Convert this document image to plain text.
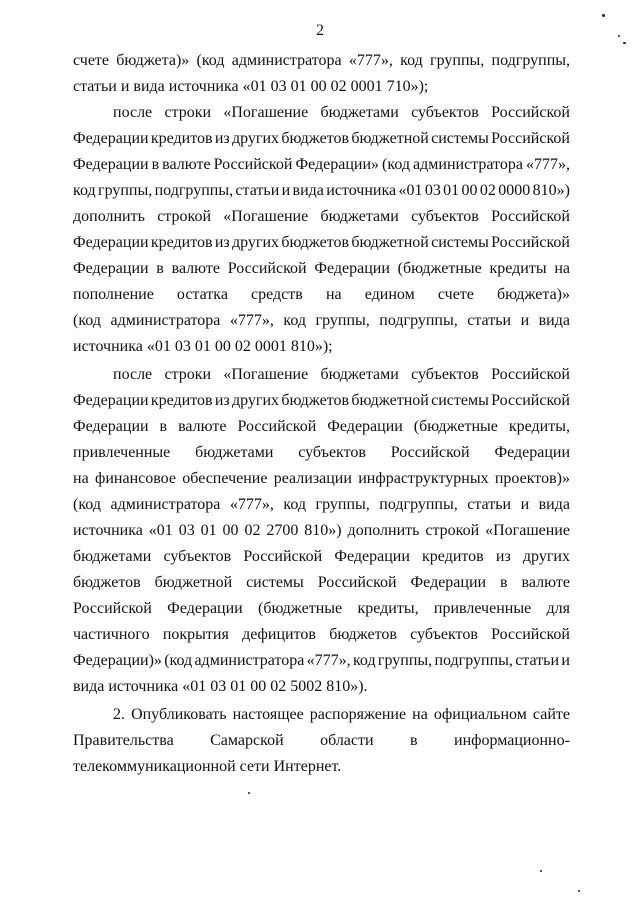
2
счете бюджета)» (код администратора «777», код группы, подгруппы,
статьи и вида источника «01 03 01 00 02 0001 710»);
после строки «Погашение бюджетами субъектов Российской
Федерации кредитов из других бюджетов бюджетной системы Российской
Федерации в валюте Российской Федерации» (код администратора «777»,
код группы, подгруппы, статьи и вида источника «01 03 01 00 02 0000 810»)
дополнить строкой «Погашение бюджетами субъектов Российской
Федерации кредитов из других бюджетов бюджетной системы Российской
Федерации в валюте Российской Федерации (бюджетные кредиты на
пополнение остатка средств на едином счете бюджета)»
(код администратора «777», код группы, подгруппы, статьи и вида
источника «01 03 01 00 02 0001 810»);
после строки «Погашение бюджетами субъектов Российской
Федерации кредитов из других бюджетов бюджетной системы Российской
Федерации в валюте Российской Федерации (бюджетные кредиты,
привлеченные бюджетами субъектов Российской Федерации
на финансовое обеспечение реализации инфраструктурных проектов)»
(код администратора «777», код группы, подгруппы, статьи и вида
источника «01 03 01 00 02 2700 810») дополнить строкой «Погашение
бюджетами субъектов Российской Федерации кредитов из других
бюджетов бюджетной системы Российской Федерации в валюте
Российской Федерации (бюджетные кредиты, привлеченные для
частичного покрытия дефицитов бюджетов субъектов Российской
Федерации)» (код администратора «777», код группы, подгруппы, статьи и
вида источника «01 03 01 00 02 5002 810»).
2. Опубликовать настоящее распоряжение на официальном сайте
Правительства Самарской области в информационно-
телекоммуникационной сети Интернет.
